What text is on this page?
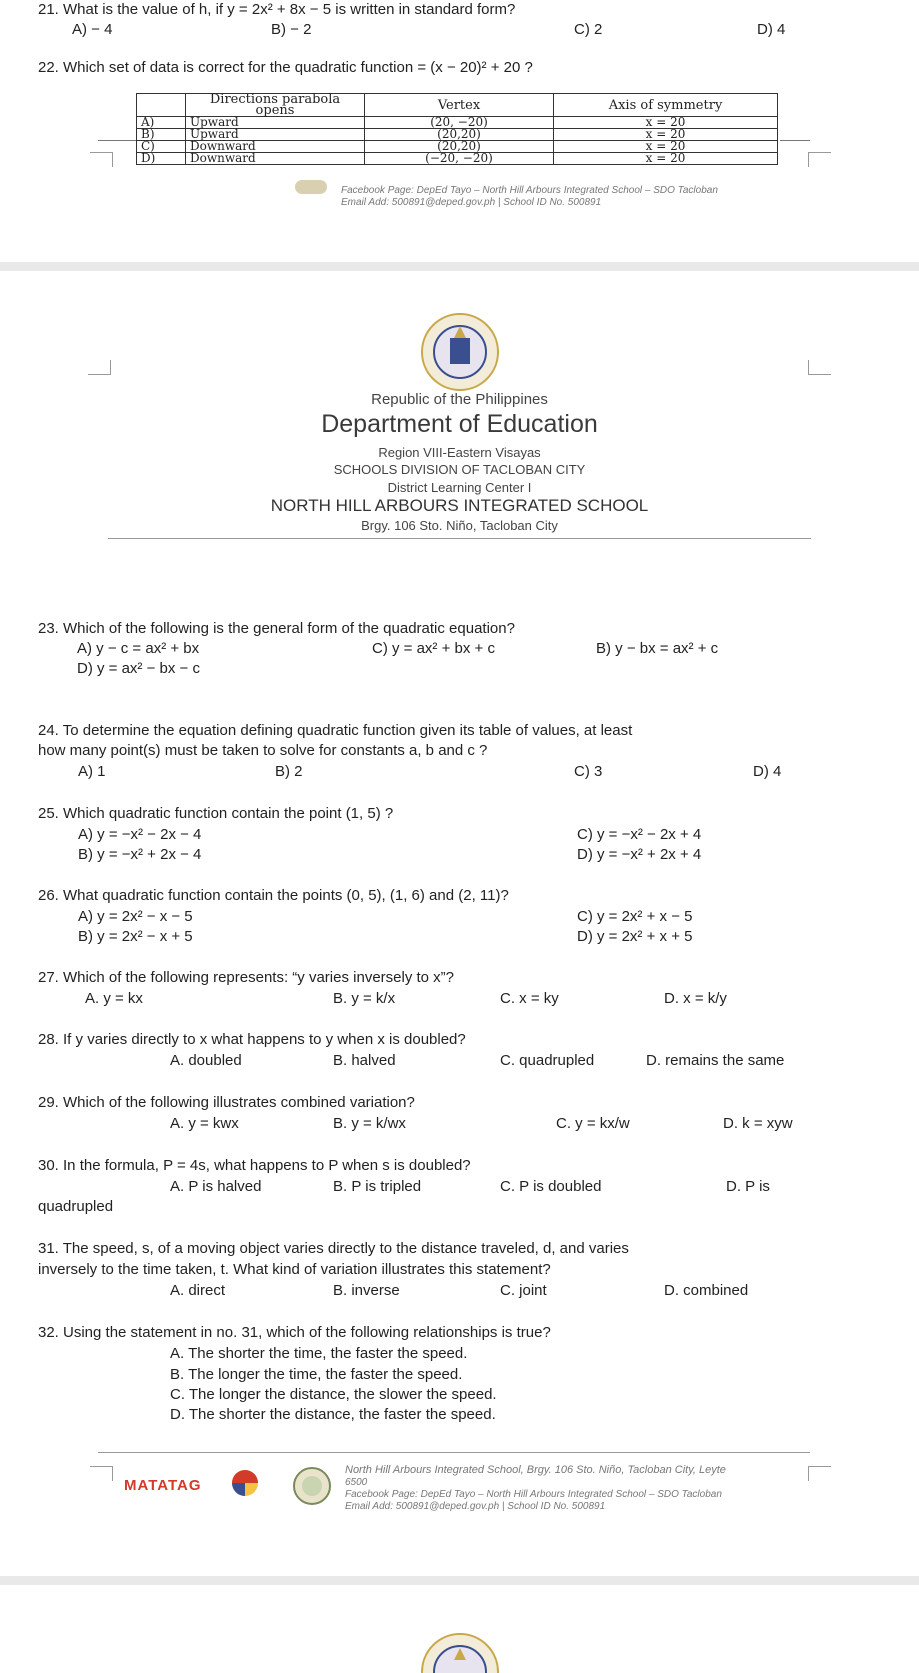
21. What is the value of h, if y = 2x² + 8x − 5 is written in standard form?
A) − 4	B) − 2	C) 2	D) 4
22. Which set of data is correct for the quadratic function = (x − 20)² + 20 ?
	Directions parabola opens	Vertex	Axis of symmetry
A)	Upward	(20, −20)	x = 20
B)	Upward	(20,20)	x = 20
C)	Downward	(20,20)	x = 20
D)	Downward	(−20, −20)	x = 20
Facebook Page: DepEd Tayo – North Hill Arbours Integrated School – SDO Tacloban
Email Add: 500891@deped.gov.ph | School ID No. 500891
Republic of the Philippines
Department of Education
Region VIII-Eastern Visayas
SCHOOLS DIVISION OF TACLOBAN CITY
District Learning Center I
NORTH HILL ARBOURS INTEGRATED SCHOOL
Brgy. 106 Sto. Niño, Tacloban City
23. Which of the following is the general form of the quadratic equation?
A) y − c = ax² + bx	C) y = ax² + bx + c	B) y − bx = ax² + c
D) y = ax² − bx − c
24. To determine the equation defining quadratic function given its table of values, at least
how many point(s) must be taken to solve for constants a, b and c ?
A) 1	B) 2	C) 3	D) 4
25. Which quadratic function contain the point (1, 5) ?
A) y = −x² − 2x − 4	C) y = −x² − 2x + 4
B) y = −x² + 2x − 4	D) y = −x² + 2x + 4
26. What quadratic function contain the points (0, 5), (1, 6) and (2, 11)?
A) y = 2x² − x − 5	C) y = 2x² + x − 5
B) y = 2x² − x + 5	D) y = 2x² + x + 5
27. Which of the following represents: “y varies inversely to x”?
A. y = kx	B. y = k/x	C. x = ky	D. x = k/y
28. If y varies directly to x what happens to y when x is doubled?
A. doubled	B. halved	C. quadrupled	D. remains the same
29. Which of the following illustrates combined variation?
A. y = kwx	B. y = k/wx	C. y = kx/w	D. k = xyw
30. In the formula, P = 4s, what happens to P when s is doubled?
A. P is halved	B. P is tripled	C. P is doubled	D. P is
quadrupled
31. The speed, s, of a moving object varies directly to the distance traveled, d, and varies
inversely to the time taken, t. What kind of variation illustrates this statement?
A. direct	B. inverse	C. joint	D. combined
32. Using the statement in no. 31, which of the following relationships is true?
A. The shorter the time, the faster the speed.
B. The longer the time, the faster the speed.
C. The longer the distance, the slower the speed.
D. The shorter the distance, the faster the speed.
MATATAG
North Hill Arbours Integrated School, Brgy. 106 Sto. Niño, Tacloban City, Leyte
6500
Facebook Page: DepEd Tayo – North Hill Arbours Integrated School – SDO Tacloban
Email Add: 500891@deped.gov.ph | School ID No. 500891
